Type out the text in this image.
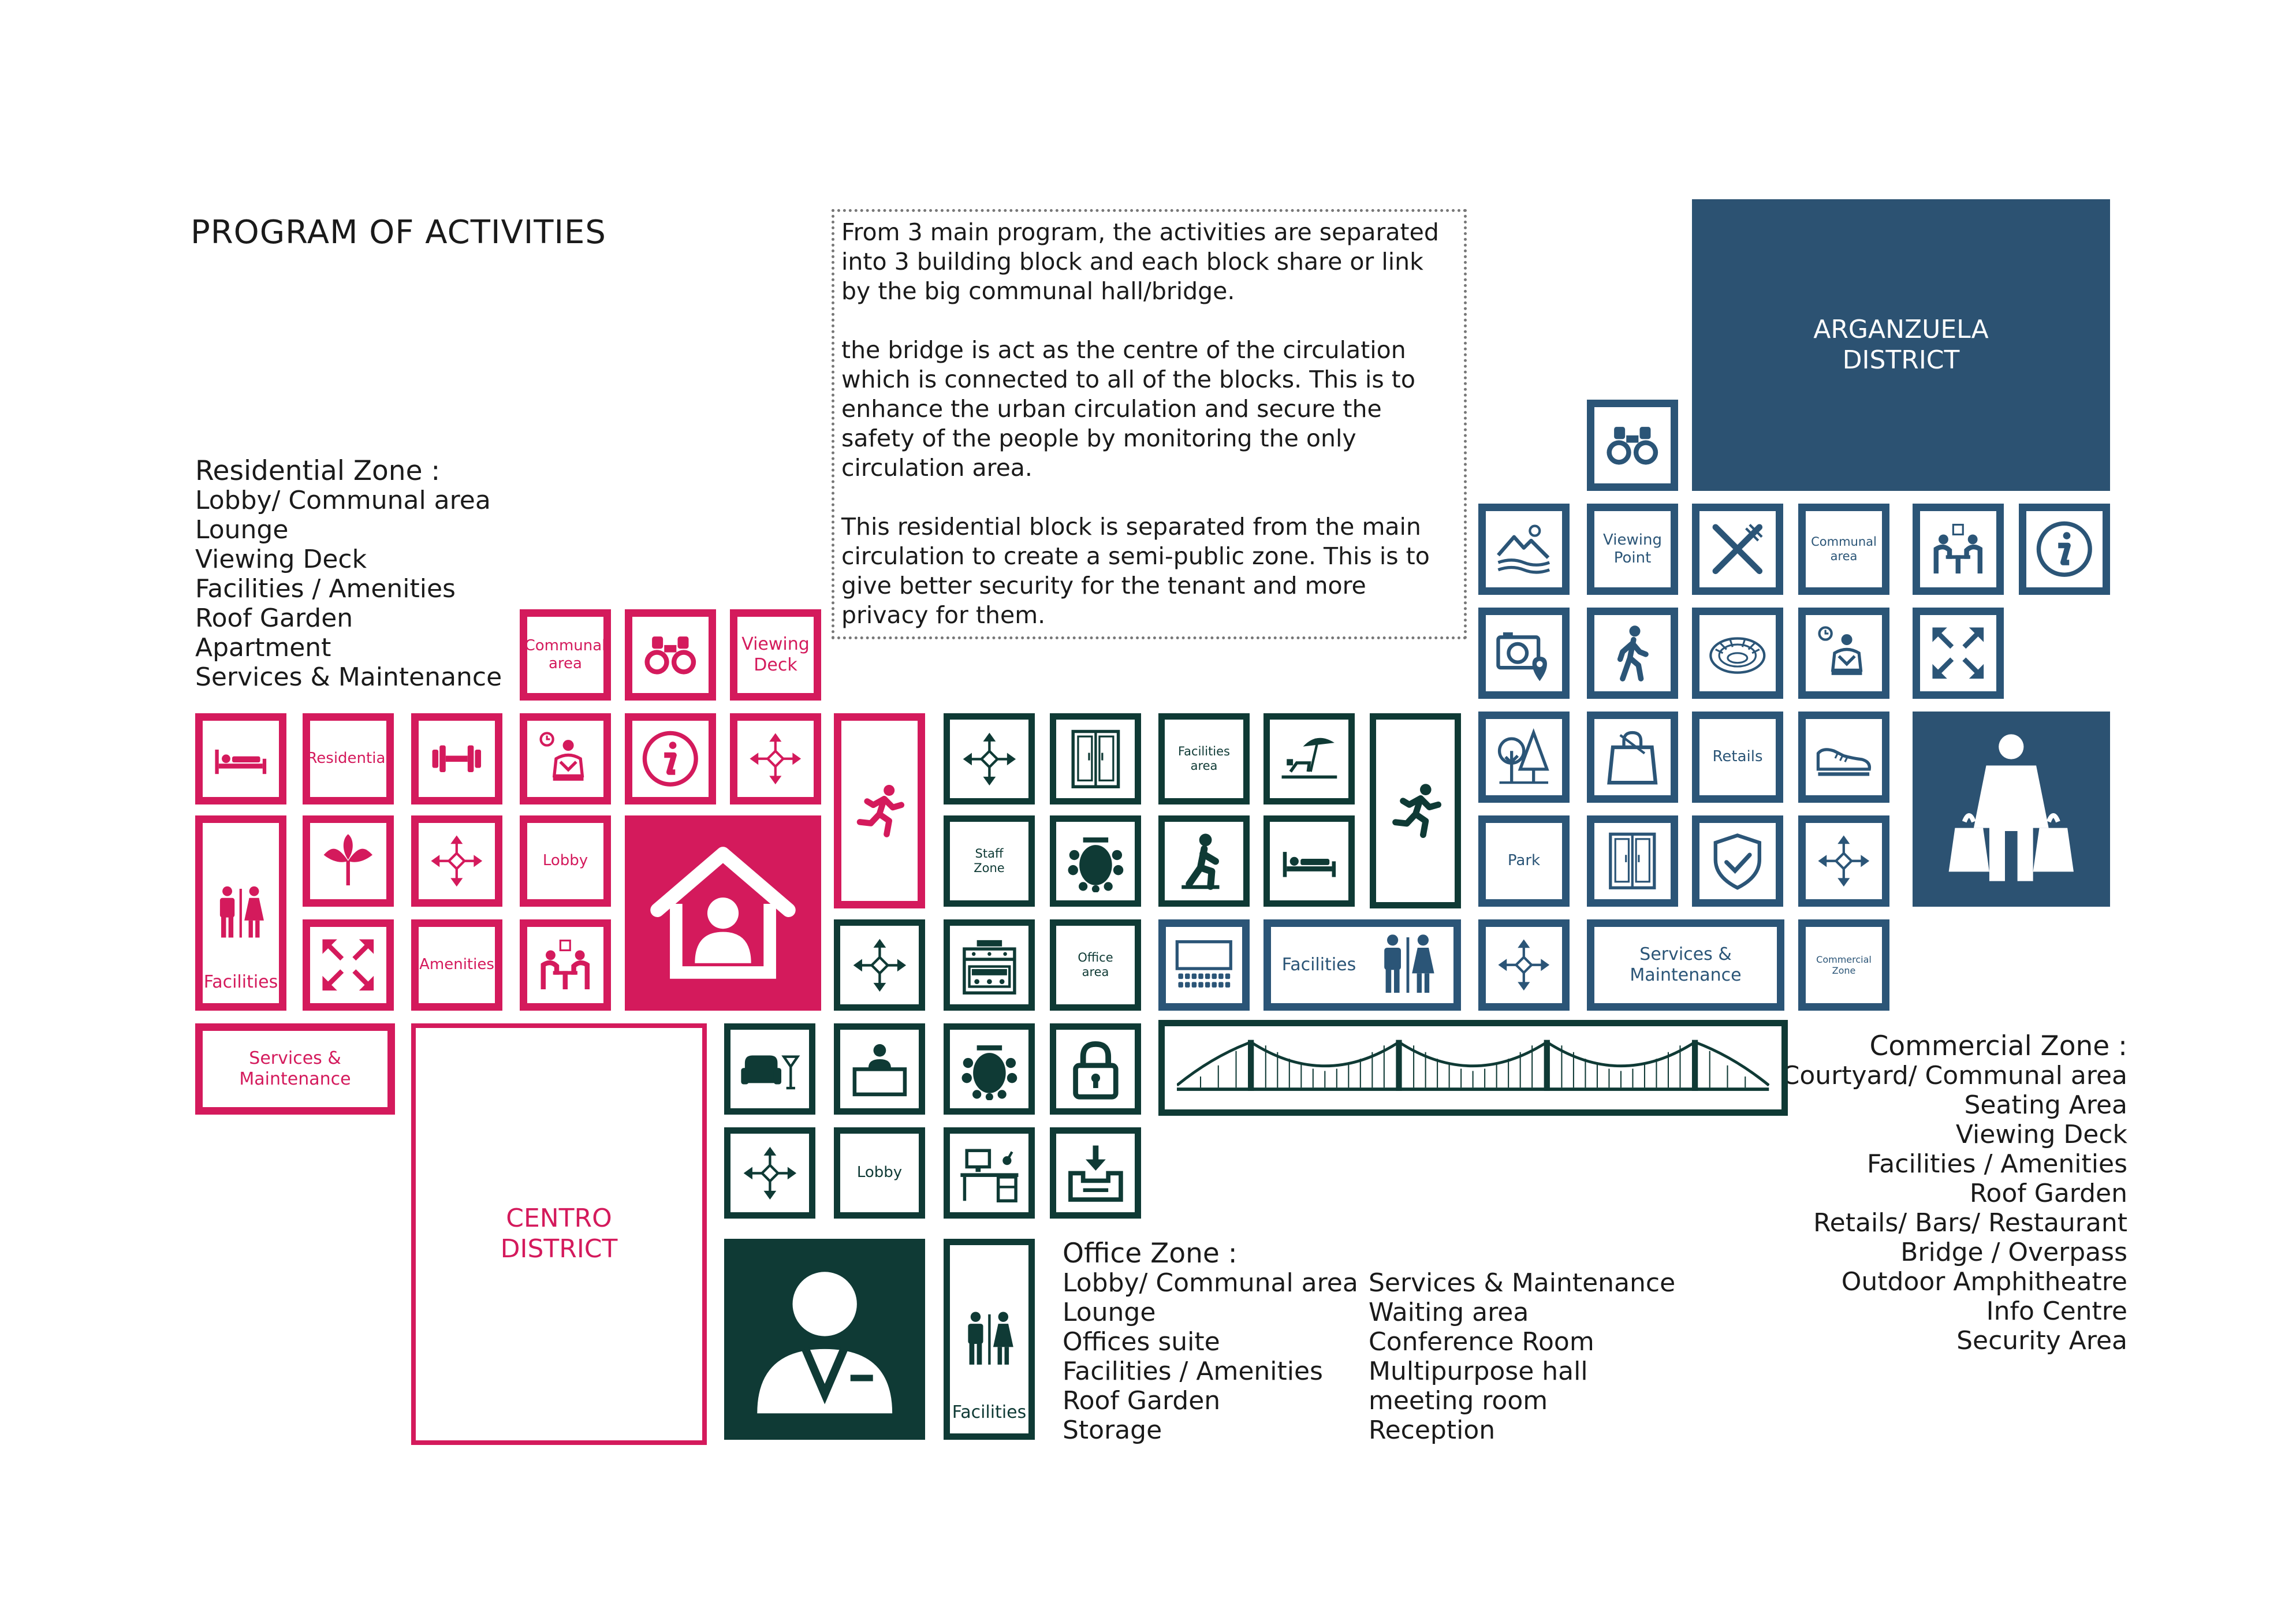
PROGRAM OF ACTIVITIES	From 3 main program, the activities are separated into 3 building block and each block share or link by the big communal hall/bridge.

the bridge is act as the centre of the circulation which is connected to all of the blocks. This is to enhance the urban circulation and secure the safety of the people by monitoring the only circulation area.

This residential block is separated from the main circulation to create a semi-public zone. This is to give better security for the tenant and more privacy for them.

Residential Zone :
Lobby/ Communal area
Lounge
Viewing Deck
Facilities / Amenities
Roof Garden
Apartment
Services & Maintenance
Office Zone :
Lobby/ Communal area
Lounge
Offices suite
Facilities / Amenities
Roof Garden
Storage
Services & Maintenance
Waiting area
Conference Room
Multipurpose hall
meeting room
Reception
Commercial Zone :
Courtyard/ Communal area
Seating Area
Viewing Deck
Facilities / Amenities
Roof Garden
Retails/ Bars/ Restaurant
Bridge / Overpass
Outdoor Amphitheatre
Info Centre
Security Area
Communal
area
Viewing
Deck
Residential
Facilities
Lobby
Amenities
Services &
Maintenance
CENTRO
DISTRICT
Facilities
area
Staff
Zone
Office
area	Facilities
Lobby
Facilities
ARGANZUELA
DISTRICT
Viewing
Point
Communal
area
Retails
Park
Services &
Maintenance
Commercial
Zone
